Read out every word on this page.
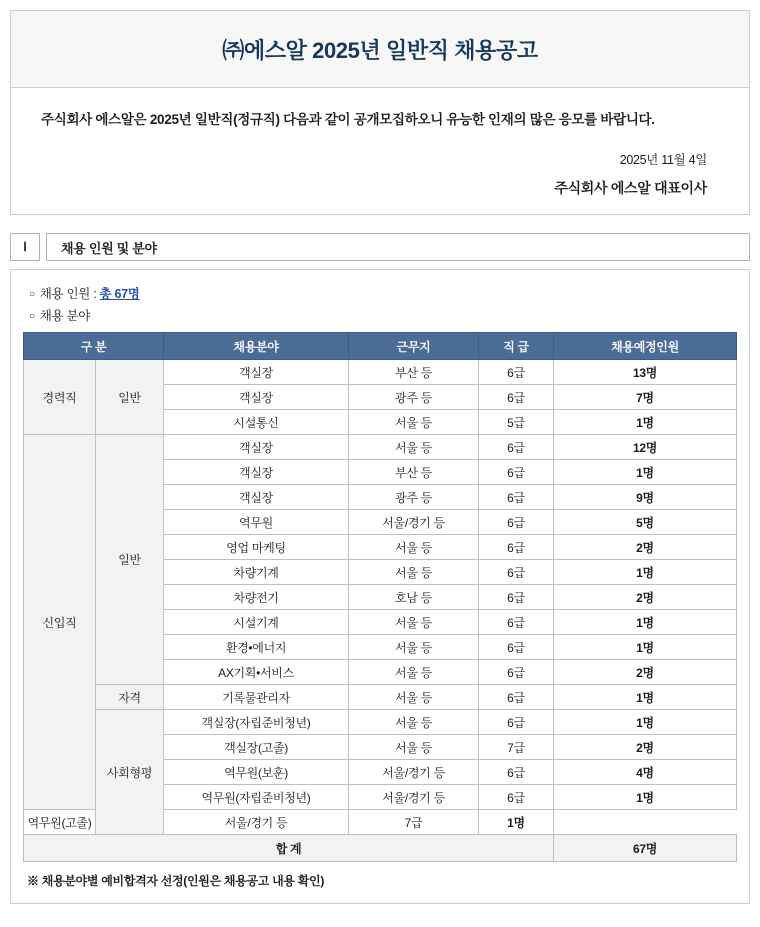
㈜에스알 2025년 일반직 채용공고
주식회사 에스알은 2025년 일반직(정규직) 다음과 같이 공개모집하오니 유능한 인재의 많은 응모를 바랍니다.
2025년 11월 4일
주식회사 에스알 대표이사
Ⅰ	채용 인원 및 분야
○ 채용 인원 : 총 67명
○ 채용 분야
구 분		채용분야	근무지	직 급	채용예정인원
경력직	일반	객실장	부산 등	6급	13명
		객실장	광주 등	6급	7명
		시설통신	서울 등	5급	1명
신입직	일반	객실장	서울 등	6급	12명
		객실장	부산 등	6급	1명
		객실장	광주 등	6급	9명
		역무원	서울/경기 등	6급	5명
		영업 마케팅	서울 등	6급	2명
		차량기계	서울 등	6급	1명
		차량전기	호남 등	6급	2명
		시설기계	서울 등	6급	1명
		환경•에너지	서울 등	6급	1명
		AX기획•서비스	서울 등	6급	2명
	자격	기록물관리자	서울 등	6급	1명
	사회형평	객실장(자립준비청년)	서울 등	6급	1명
		객실장(고졸)	서울 등	7급	2명
		역무원(보훈)	서울/경기 등	6급	4명
		역무원(자립준비청년)	서울/경기 등	6급	1명
역무원(고졸)		서울/경기 등	7급	1명	
합 계					67명
※ 채용분야별 예비합격자 선정(인원은 채용공고 내용 확인)
